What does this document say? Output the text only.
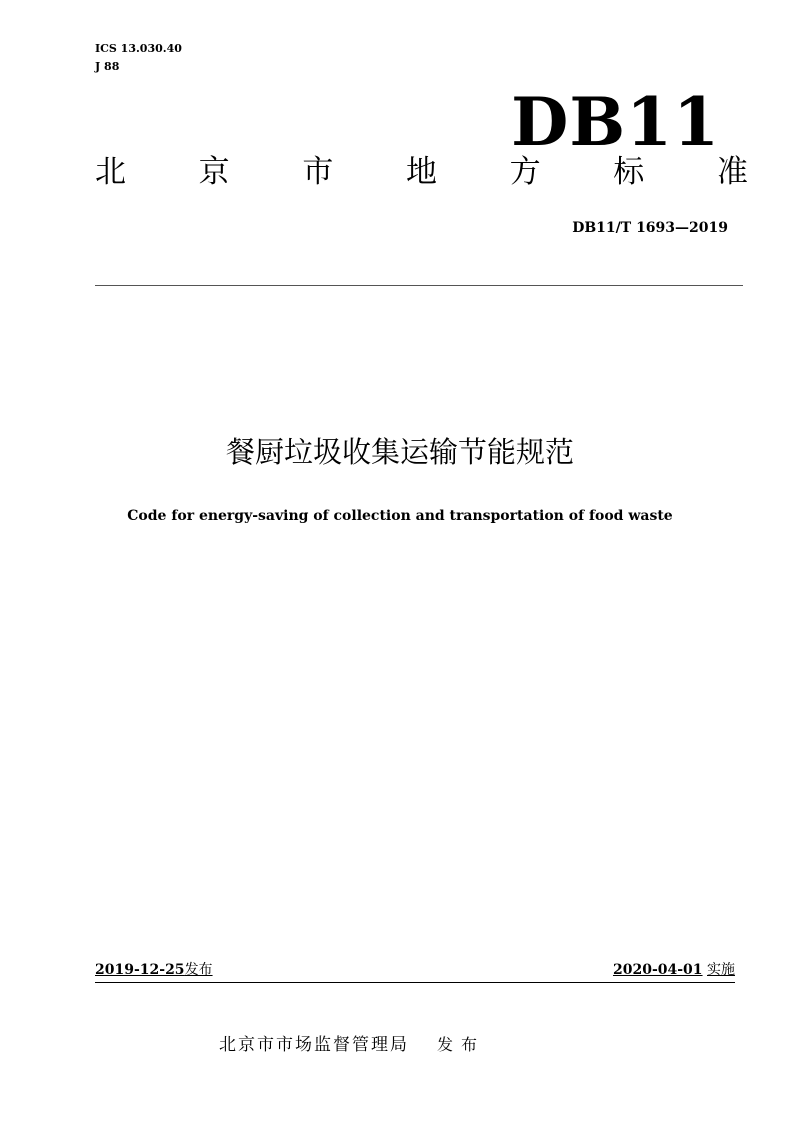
ICS 13.030.40
J 88
DB11
北 京 市 地 方 标 准
DB11/T 1693—2019
餐厨垃圾收集运输节能规范
Code for energy-saving of collection and transportation of food waste
2019-12-25发布	2020-04-01 实施
北京市市场监督管理局 发布
